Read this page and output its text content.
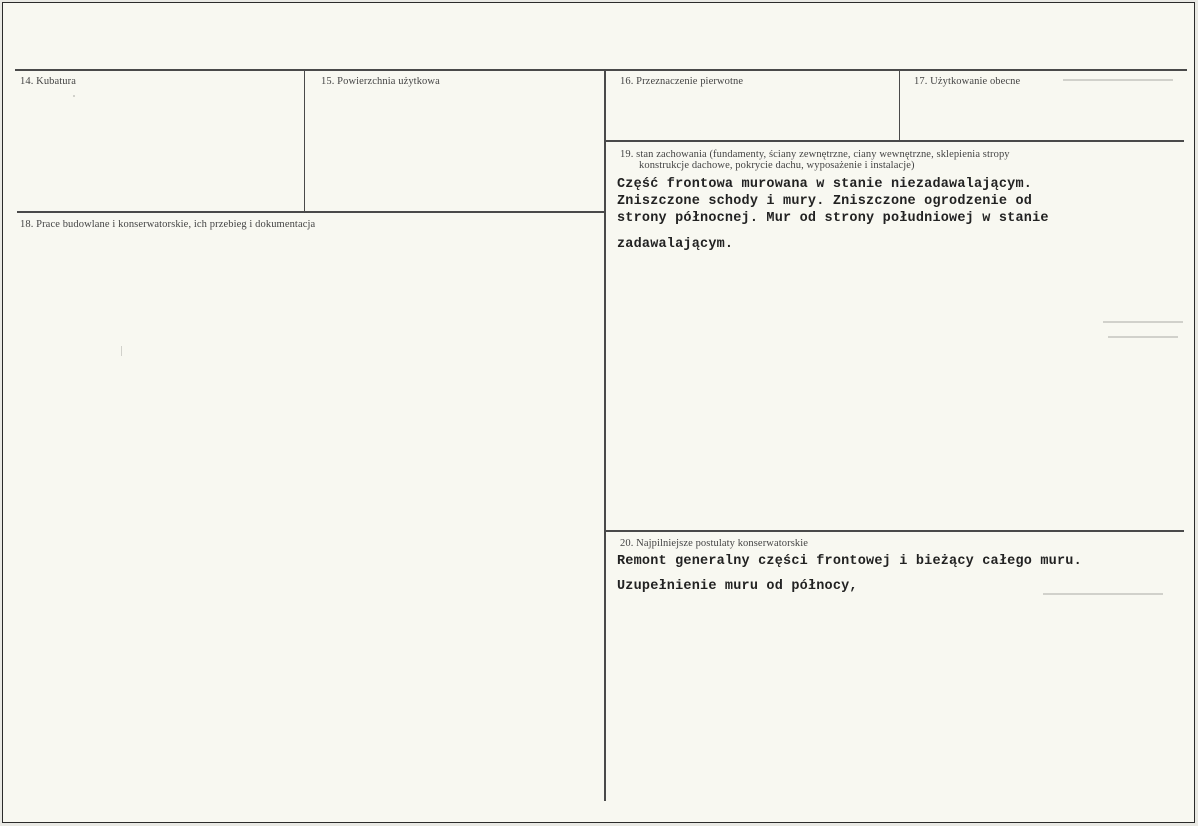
14. Kubatura	15. Powierzchnia użytkowa	16. Przeznaczenie pierwotne	17. Użytkowanie obecne
18. Prace budowlane i konserwatorskie, ich przebieg i dokumentacja
19. stan zachowania (fundamenty, ściany zewnętrzne, ciany wewnętrzne, sklepienia stropy
konstrukcje dachowe, pokrycie dachu, wyposażenie i instalacje)
20. Najpilniejsze postulaty konserwatorskie
Część frontowa murowana w stanie niezadawalającym.
Zniszczone schody i mury. Zniszczone ogrodzenie od
strony północnej. Mur od strony południowej w stanie
zadawalającym.
Remont generalny części frontowej i bieżący całego muru.
Uzupełnienie muru od północy,
